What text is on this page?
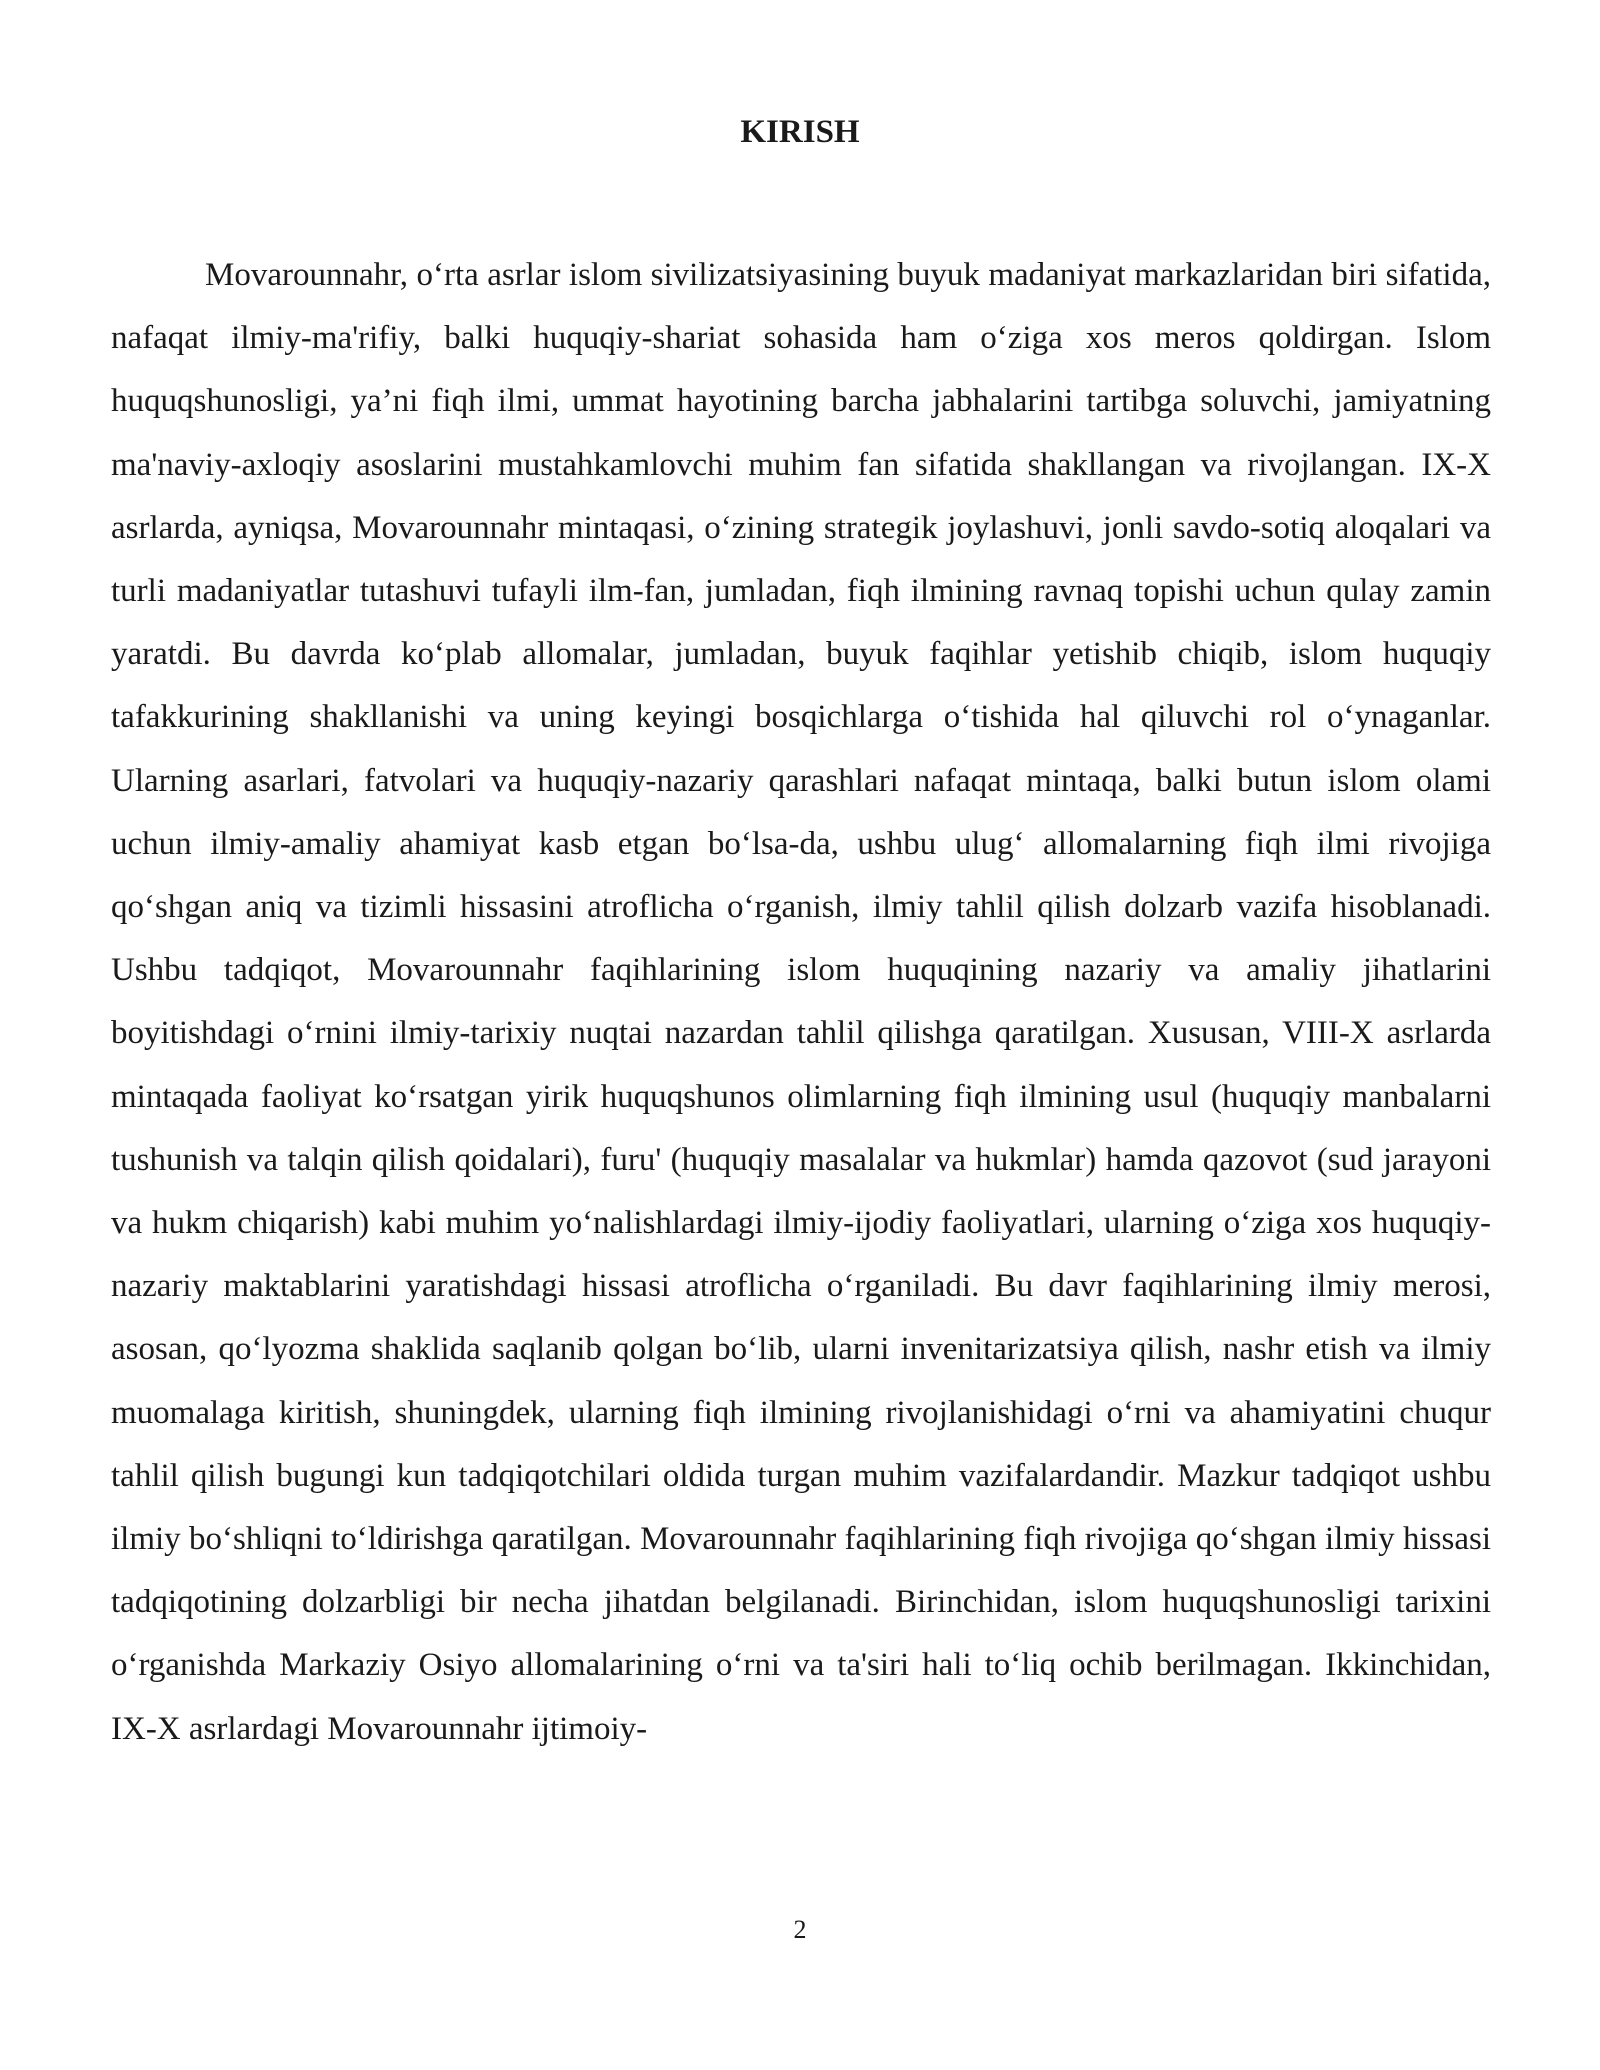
KIRISH

Movarounnahr, o‘rta asrlar islom sivilizatsiyasining buyuk madaniyat markazlaridan biri sifatida, nafaqat ilmiy-ma'rifiy, balki huquqiy-shariat sohasida ham o‘ziga xos meros qoldirgan. Islom huquqshunosligi, ya’ni fiqh ilmi, ummat hayotining barcha jabhalarini tartibga soluvchi, jamiyatning ma'naviy-axloqiy asoslarini mustahkamlovchi muhim fan sifatida shakllangan va rivojlangan. IX-X asrlarda, ayniqsa, Movarounnahr mintaqasi, o‘zining strategik joylashuvi, jonli savdo-sotiq aloqalari va turli madaniyatlar tutashuvi tufayli ilm-fan, jumladan, fiqh ilmining ravnaq topishi uchun qulay zamin yaratdi. Bu davrda ko‘plab allomalar, jumladan, buyuk faqihlar yetishib chiqib, islom huquqiy tafakkurining shakllanishi va uning keyingi bosqichlarga o‘tishida hal qiluvchi rol o‘ynaganlar. Ularning asarlari, fatvolari va huquqiy-nazariy qarashlari nafaqat mintaqa, balki butun islom olami uchun ilmiy-amaliy ahamiyat kasb etgan bo‘lsa-da, ushbu ulug‘ allomalarning fiqh ilmi rivojiga qo‘shgan aniq va tizimli hissasini atroflicha o‘rganish, ilmiy tahlil qilish dolzarb vazifa hisoblanadi. Ushbu tadqiqot, Movarounnahr faqihlarining islom huquqining nazariy va amaliy jihatlarini boyitishdagi o‘rnini ilmiy-tarixiy nuqtai nazardan tahlil qilishga qaratilgan. Xususan, VIII-X asrlarda mintaqada faoliyat ko‘rsatgan yirik huquqshunos olimlarning fiqh ilmining usul (huquqiy manbalarni tushunish va talqin qilish qoidalari), furu' (huquqiy masalalar va hukmlar) hamda qazovot (sud jarayoni va hukm chiqarish) kabi muhim yo‘nalishlardagi ilmiy-ijodiy faoliyatlari, ularning o‘ziga xos huquqiy-nazariy maktablarini yaratishdagi hissasi atroflicha o‘rganiladi. Bu davr faqihlarining ilmiy merosi, asosan, qo‘lyozma shaklida saqlanib qolgan bo‘lib, ularni invenitarizatsiya qilish, nashr etish va ilmiy muomalaga kiritish, shuningdek, ularning fiqh ilmining rivojlanishidagi o‘rni va ahamiyatini chuqur tahlil qilish bugungi kun tadqiqotchilari oldida turgan muhim vazifalardandir. Mazkur tadqiqot ushbu ilmiy bo‘shliqni to‘ldirishga qaratilgan. Movarounnahr faqihlarining fiqh rivojiga qo‘shgan ilmiy hissasi tadqiqotining dolzarbligi bir necha jihatdan belgilanadi. Birinchidan, islom huquqshunosligi tarixini o‘rganishda Markaziy Osiyo allomalarining o‘rni va ta'siri hali to‘liq ochib berilmagan. Ikkinchidan, IX-X asrlardagi Movarounnahr ijtimoiy-

2
